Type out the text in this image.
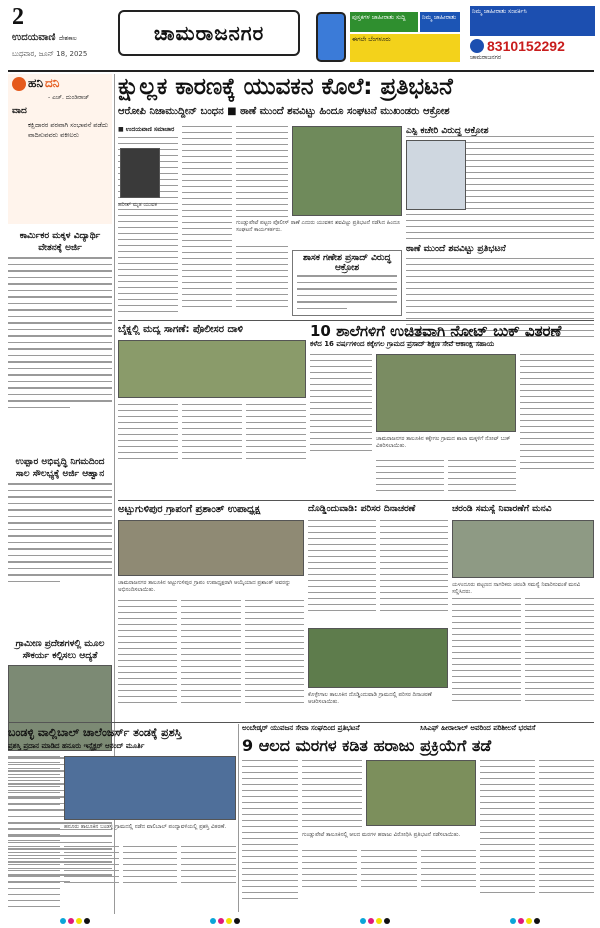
2
ಉದಯವಾಣಿ ದೇಶಕಾಲ
ಬುಧವಾರ, ಜೂನ್ 18, 2025
ಚಾಮರಾಜನಗರ
ಪುಸ್ತಕಗಳ ಜಾಹೀರಾತು ಸುದ್ದಿ	ನಿಮ್ಮ ಜಾಹೀರಾತು
ಈಗಲೇ ಬೆಂಗಳೂರು
ನಿಮ್ಮ ಜಾಹೀರಾತು ಸಂಪರ್ಕಿಸಿ
8310152292
ಚಾಮರಾಜನಗರ
ಹನಿ ದನಿ
- ಎಚ್. ದುಂಡಿರಾಜ್
ವಾದ
ಕಕ್ಷಿದಾರರ ಪರವಾಗಿ ಸಂಭಾವನೆ ಪಡೆದು ವಾದಿಸುವವರು ವಕೀಲರು
ಕಾರ್ಮಿಕರ ಮಕ್ಕಳ ವಿದ್ಯಾರ್ಥಿ ವೇತನಕ್ಕೆ ಅರ್ಜಿ
ಉಪ್ಪಾರ ಅಭಿವೃದ್ಧಿ ನಿಗಮದಿಂದ ಸಾಲ ಸೌಲಭ್ಯಕ್ಕೆ ಅರ್ಜಿ ಆಹ್ವಾನ
ಗ್ರಾಮೀಣ ಪ್ರದೇಶಗಳಲ್ಲಿ ಮೂಲ ಸೌಕರ್ಯ ಕಲ್ಪಿಸಲು ಆದ್ಯತೆ
ಕ್ಷುಲ್ಲಕ ಕಾರಣಕ್ಕೆ ಯುವಕನ ಕೊಲೆ: ಪ್ರತಿಭಟನೆ
ಆರೋಪಿ ನಿಜಾಮುದ್ದೀನ್ ಬಂಧನ ■ ಠಾಣೆ ಮುಂದೆ ಶವವಿಟ್ಟು ಹಿಂದೂ ಸಂಘಟನೆ ಮುಖಂಡರು ಆಕ್ರೋಶ
■ ಉದಯವಾಣಿ ಸಮಾಚಾರ
ಹರೀಶ್ ಮೃತ ಯುವಕ
ಗುಂಡ್ಲುಪೇಟೆ ಪಟ್ಟಣ ಪೊಲೀಸ್ ಠಾಣೆ ಎದುರು ಯುವಕನ ಶವವಿಟ್ಟು ಪ್ರತಿಭಟನೆ ನಡೆಸಿದ ಹಿಂದೂ ಸಂಘಟನೆ ಕಾರ್ಯಕರ್ತರು.
ಶಾಸಕ ಗಣೇಶ ಪ್ರಸಾದ್ ವಿರುದ್ಧ ಆಕ್ರೋಶ
ಎಸ್ಪಿ ಕಚೇರಿ ವಿರುದ್ಧ ಆಕ್ರೋಶ
ಠಾಣೆ ಮುಂದೆ ಶವವಿಟ್ಟು ಪ್ರತಿಭಟನೆ
ಬೈಕ್ನಲ್ಲಿ ಮದ್ಯ ಸಾಗಣೆ: ಪೊಲೀಸರ ದಾಳಿ	10 ಶಾಲೆಗಳಿಗೆ ಉಚಿತವಾಗಿ ನೋಟ್ ಬುಕ್ ವಿತರಣೆ
ಕಳೆದ 16 ವರ್ಷಗಳಿಂದ ಕಕ್ಕೇಗಲ ಗ್ರಾಮದ ಪ್ರಸಾದ್ ಶಿಕ್ಷಣ ಸೇವೆ ಆಕಾಂಕ್ಷಿ ಸಹಾಯ
ಚಾಮರಾಜನಗರ ತಾಲೂಕಿನ ಕಕ್ಕೇಗಲ ಗ್ರಾಮದ ಶಾಲಾ ಮಕ್ಕಳಿಗೆ ನೋಟ್ ಬುಕ್ ವಿತರಿಸಲಾಯಿತು.
ಅಟ್ಟುಗುಳಿಪುರ ಗ್ರಾಪಂಗೆ ಪ್ರಶಾಂತ್ ಉಪಾಧ್ಯಕ್ಷ
ಚಾಮರಾಜನಗರ ತಾಲೂಕಿನ ಅಟ್ಟುಗುಳಿಪುರ ಗ್ರಾಪಂ ಉಪಾಧ್ಯಕ್ಷರಾಗಿ ಆಯ್ಕೆಯಾದ ಪ್ರಶಾಂತ್ ಅವರನ್ನು ಅಭಿನಂದಿಸಲಾಯಿತು.
ದೊಡ್ಡಿಂದುವಾಡಿ: ಪರಿಸರ ದಿನಾಚರಣೆ
ಕೊಳ್ಳೇಗಾಲ ತಾಲೂಕಿನ ದೊಡ್ಡಿಂದುವಾಡಿ ಗ್ರಾಮದಲ್ಲಿ ಪರಿಸರ ದಿನಾಚರಣೆ ಆಚರಿಸಲಾಯಿತು.
ಚರಂಡಿ ಸಮಸ್ಯೆ ನಿವಾರಣೆಗೆ ಮನವಿ
ಯಳಂದೂರು ಪಟ್ಟಣದ ನಾಗರಿಕರು ಚರಂಡಿ ಸಮಸ್ಯೆ ನಿವಾರಿಸುವಂತೆ ಮನವಿ ಸಲ್ಲಿಸಿದರು.
ಬಂಡಳ್ಳಿ ವಾಲ್ಲಿಬಾಲ್ ಚಾಲೆಂಜರ್ಸ್ ತಂಡಕ್ಕೆ ಪ್ರಶಸ್ತಿ
ಪ್ರಶಸ್ತಿ ಪ್ರದಾನ ಮಾಡಿದ ಹನೂರು ಇನ್ಸ್ಪೆಕ್ಟರ್ ಆನಂದ್ ಮೂರ್ತಿ
ಹನೂರು ತಾಲೂಕಿನ ಬಂಡಳ್ಳಿ ಗ್ರಾಮದಲ್ಲಿ ನಡೆದ ವಾಲಿಬಾಲ್ ಪಂದ್ಯಾವಳಿಯಲ್ಲಿ ಪ್ರಶಸ್ತಿ ವಿತರಣೆ.
ಅಂಬೇಡ್ಕರ್ ಯುವಜನ ಸೇವಾ ಸಂಘದಿಂದ ಪ್ರತಿಭಟನೆ	ಸಿಸಿಎಫ್ ಹೀರಾಲಾಲ್ ಅವರಿಂದ ಪರಿಶೀಲನೆ ಭರವಸೆ
9 ಆಲದ ಮರಗಳ ಕಡಿತ ಹರಾಜು ಪ್ರಕ್ರಿಯೆಗೆ ತಡೆ
ಗುಂಡ್ಲುಪೇಟೆ ತಾಲೂಕಿನಲ್ಲಿ ಆಲದ ಮರಗಳ ಹರಾಜು ವಿರೋಧಿಸಿ ಪ್ರತಿಭಟನೆ ನಡೆಸಲಾಯಿತು.
